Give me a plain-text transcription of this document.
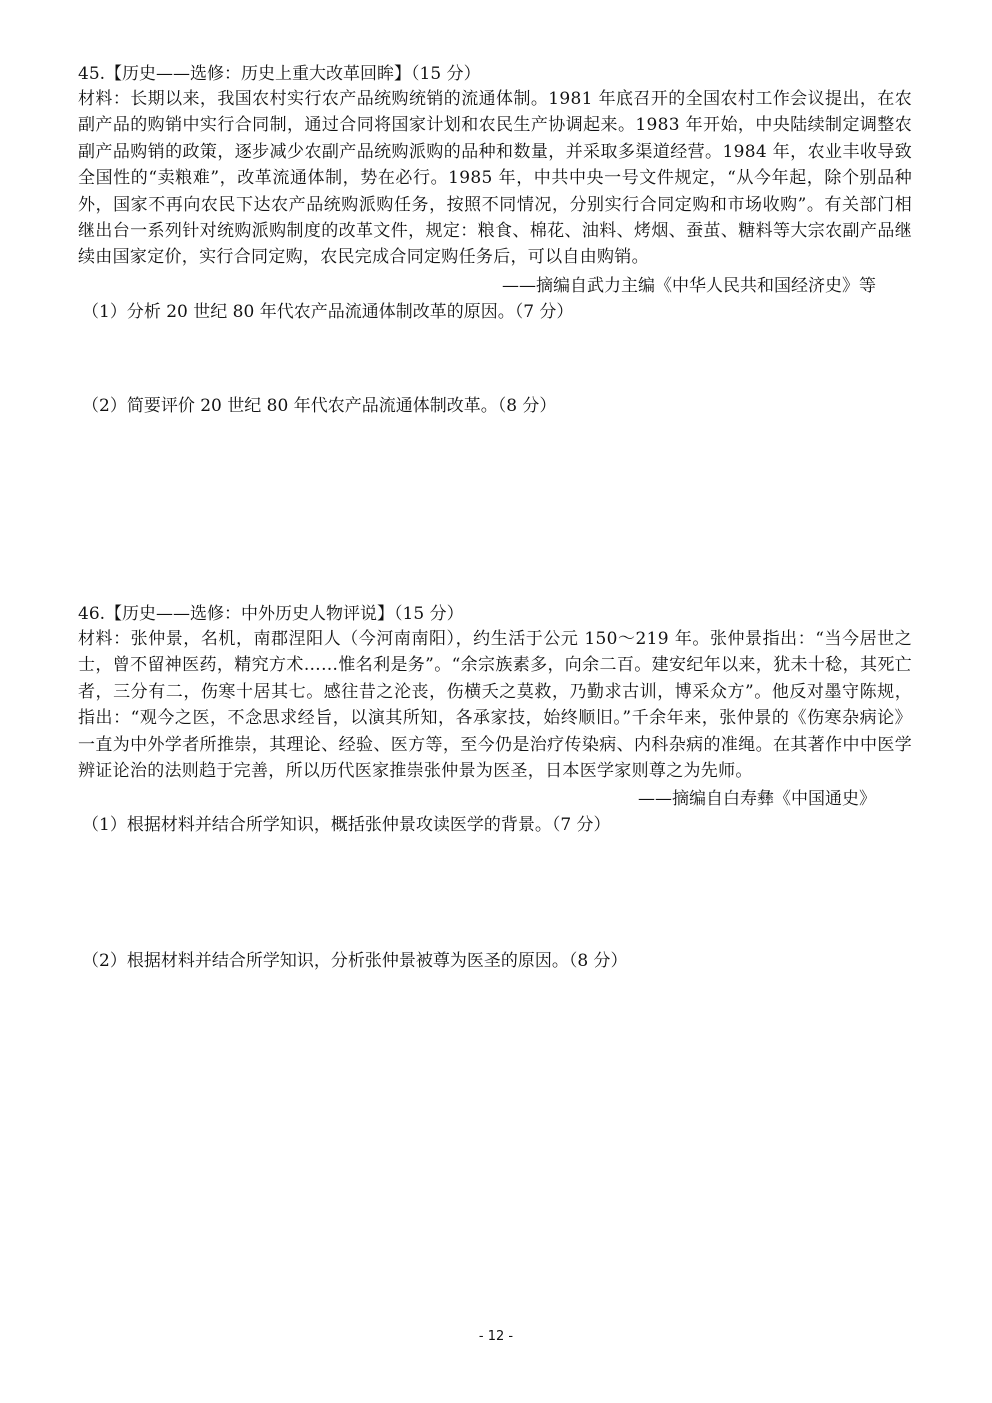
45.【历史——选修：历史上重大改革回眸】（15 分）

材料：长期以来，我国农村实行农产品统购统销的流通体制。1981 年底召开的全国农村工作会议提出，在农副产品的购销中实行合同制，通过合同将国家计划和农民生产协调起来。1983 年开始，中央陆续制定调整农副产品购销的政策，逐步减少农副产品统购派购的品种和数量，并采取多渠道经营。1984 年，农业丰收导致全国性的“卖粮难”，改革流通体制，势在必行。1985 年，中共中央一号文件规定，“从今年起，除个别品种外，国家不再向农民下达农产品统购派购任务，按照不同情况，分别实行合同定购和市场收购”。有关部门相继出台一系列针对统购派购制度的改革文件，规定：粮食、棉花、油料、烤烟、蚕茧、糖料等大宗农副产品继续由国家定价，实行合同定购，农民完成合同定购任务后，可以自由购销。

——摘编自武力主编《中华人民共和国经济史》等

（1）分析 20 世纪 80 年代农产品流通体制改革的原因。（7 分）

（2）简要评价 20 世纪 80 年代农产品流通体制改革。（8 分）

46.【历史——选修：中外历史人物评说】（15 分）

材料：张仲景，名机，南郡涅阳人（今河南南阳），约生活于公元 150～219 年。张仲景指出：“当今居世之士，曾不留神医药，精究方术……惟名利是务”。“余宗族素多，向余二百。建安纪年以来，犹未十稔，其死亡者，三分有二，伤寒十居其七。感往昔之沦丧，伤横夭之莫救，乃勤求古训，博采众方”。他反对墨守陈规，指出：“观今之医，不念思求经旨，以演其所知，各承家技，始终顺旧。”千余年来，张仲景的《伤寒杂病论》一直为中外学者所推崇，其理论、经验、医方等，至今仍是治疗传染病、内科杂病的准绳。在其著作中中医学辨证论治的法则趋于完善，所以历代医家推崇张仲景为医圣，日本医学家则尊之为先师。

——摘编自白寿彝《中国通史》

（1）根据材料并结合所学知识，概括张仲景攻读医学的背景。（7 分）

（2）根据材料并结合所学知识，分析张仲景被尊为医圣的原因。（8 分）

- 12 -
